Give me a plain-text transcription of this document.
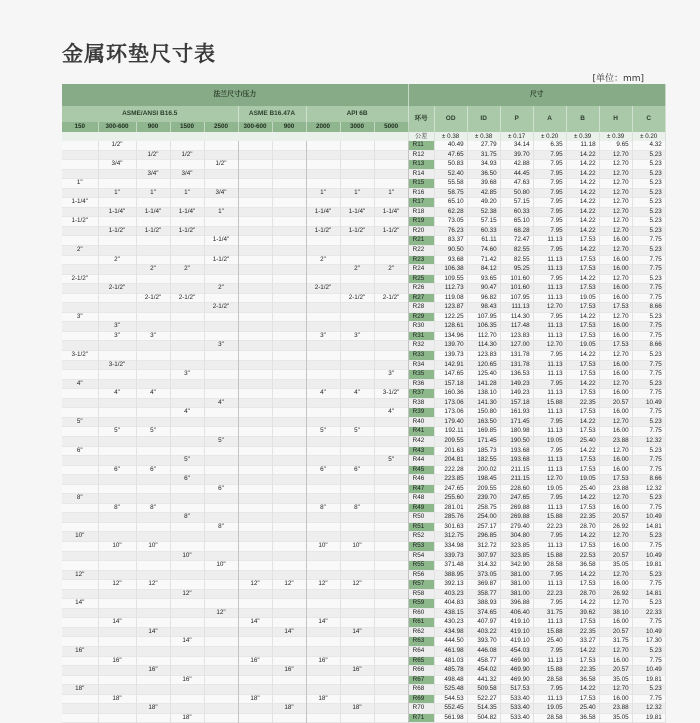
金属环垫尺寸表
[单位：mm]
法兰尺寸/压力										尺寸							
ASME/ANSI B16.5					ASME B16.47A		API 6B			环号	OD	ID	P	A	B	H	C
150	300-600	900	1500	2500	300-600	900	2000	3000	5000								
										公差	± 0.38	± 0.38	± 0.17	± 0.20	± 0.39	± 0.39	± 0.20
	1/2"									R11	40.49	27.79	34.14	6.35	11.18	9.65	4.32
		1/2"	1/2"							R12	47.65	31.75	39.70	7.95	14.22	12.70	5.23
	3/4"			1/2"						R13	50.83	34.93	42.88	7.95	14.22	12.70	5.23
		3/4"	3/4"							R14	52.40	36.50	44.45	7.95	14.22	12.70	5.23
1"										R15	55.58	39.68	47.63	7.95	14.22	12.70	5.23
	1"	1"	1"	3/4"			1"	1"	1"	R16	58.75	42.85	50.80	7.95	14.22	12.70	5.23
1-1/4"										R17	65.10	49.20	57.15	7.95	14.22	12.70	5.23
	1-1/4"	1-1/4"	1-1/4"	1"			1-1/4"	1-1/4"	1-1/4"	R18	62.28	52.38	60.33	7.95	14.22	12.70	5.23
1-1/2"										R19	73.05	57.15	65.10	7.95	14.22	12.70	5.23
	1-1/2"	1-1/2"	1-1/2"				1-1/2"	1-1/2"	1-1/2"	R20	76.23	60.33	68.28	7.95	14.22	12.70	5.23
				1-1/4"						R21	83.37	61.11	72.47	11.13	17.53	16.00	7.75
2"										R22	90.50	74.60	82.55	7.95	14.22	12.70	5.23
	2"			1-1/2"			2"			R23	93.68	71.42	82.55	11.13	17.53	16.00	7.75
		2"	2"					2"	2"	R24	106.38	84.12	95.25	11.13	17.53	16.00	7.75
2-1/2"										R25	109.55	93.65	101.60	7.95	14.22	12.70	5.23
	2-1/2"			2"			2-1/2"			R26	112.73	90.47	101.60	11.13	17.53	16.00	7.75
		2-1/2"	2-1/2"					2-1/2"	2-1/2"	R27	119.08	96.82	107.95	11.13	19.05	16.00	7.75
				2-1/2"						R28	123.87	98.43	111.13	12.70	17.53	17.53	8.66
3"										R29	122.25	107.95	114.30	7.95	14.22	12.70	5.23
	3"									R30	128.61	106.35	117.48	11.13	17.53	16.00	7.75
	3"	3"					3"	3"		R31	134.96	112.70	123.83	11.13	17.53	16.00	7.75
				3"						R32	139.70	114.30	127.00	12.70	19.05	17.53	8.66
3-1/2"										R33	139.73	123.83	131.78	7.95	14.22	12.70	5.23
	3-1/2"									R34	142.91	120.65	131.78	11.13	17.53	16.00	7.75
			3"						3"	R35	147.65	125.40	136.53	11.13	17.53	16.00	7.75
4"										R36	157.18	141.28	149.23	7.95	14.22	12.70	5.23
	4"	4"					4"	4"	3-1/2"	R37	160.36	138.10	149.23	11.13	17.53	16.00	7.75
				4"						R38	173.06	141.30	157.18	15.88	22.35	20.57	10.49
			4"						4"	R39	173.06	150.80	161.93	11.13	17.53	16.00	7.75
5"										R40	179.40	163.50	171.45	7.95	14.22	12.70	5.23
	5"	5"					5"	5"		R41	192.11	169.85	180.98	11.13	17.53	16.00	7.75
				5"						R42	209.55	171.45	190.50	19.05	25.40	23.88	12.32
6"										R43	201.63	185.73	193.68	7.95	14.22	12.70	5.23
			5"						5"	R44	204.81	182.55	193.68	11.13	17.53	16.00	7.75
	6"	6"					6"	6"		R45	222.28	200.02	211.15	11.13	17.53	16.00	7.75
			6"							R46	223.85	198.45	211.15	12.70	19.05	17.53	8.66
				6"						R47	247.65	209.55	228.60	19.05	25.40	23.88	12.32
8"										R48	255.60	239.70	247.65	7.95	14.22	12.70	5.23
	8"	8"					8"	8"		R49	281.01	258.75	269.88	11.13	17.53	16.00	7.75
			8"							R50	285.76	254.00	269.88	15.88	22.35	20.57	10.49
				8"						R51	301.63	257.17	279.40	22.23	28.70	26.92	14.81
10"										R52	312.75	296.85	304.80	7.95	14.22	12.70	5.23
	10"	10"					10"	10"		R53	334.98	312.72	323.85	11.13	17.53	16.00	7.75
			10"							R54	339.73	307.97	323.85	15.88	22.53	20.57	10.49
				10"						R55	371.48	314.32	342.90	28.58	36.58	35.05	19.81
12"										R56	388.95	373.05	381.00	7.95	14.22	12.70	5.23
	12"	12"			12"	12"	12"	12"		R57	392.13	369.87	381.00	11.13	17.53	16.00	7.75
			12"							R58	403.23	358.77	381.00	22.23	28.70	26.92	14.81
14"										R59	404.83	388.93	396.88	7.95	14.22	12.70	5.23
				12"						R60	438.15	374.65	406.40	31.75	39.62	38.10	22.33
	14"				14"		14"			R61	430.23	407.97	419.10	11.13	17.53	16.00	7.75
		14"				14"		14"		R62	434.98	403.22	419.10	15.88	22.35	20.57	10.49
			14"							R63	444.50	393.70	419.10	25.40	33.27	31.75	17.30
16"										R64	461.98	446.08	454.03	7.95	14.22	12.70	5.23
	16"				16"		16"			R65	481.03	458.77	469.90	11.13	17.53	16.00	7.75
		16"				16"		16"		R66	485.78	454.02	469.90	15.88	22.35	20.57	10.49
			16"							R67	498.48	441.32	469.90	28.58	36.58	35.05	19.81
18"										R68	525.48	509.58	517.53	7.95	14.22	12.70	5.23
	18"				18"		18"			R69	544.53	522.27	533.40	11.13	17.53	16.00	7.75
		18"				18"		18"		R70	552.45	514.35	533.40	19.05	25.40	23.88	12.32
			18"							R71	561.98	504.82	533.40	28.58	36.58	35.05	19.81
